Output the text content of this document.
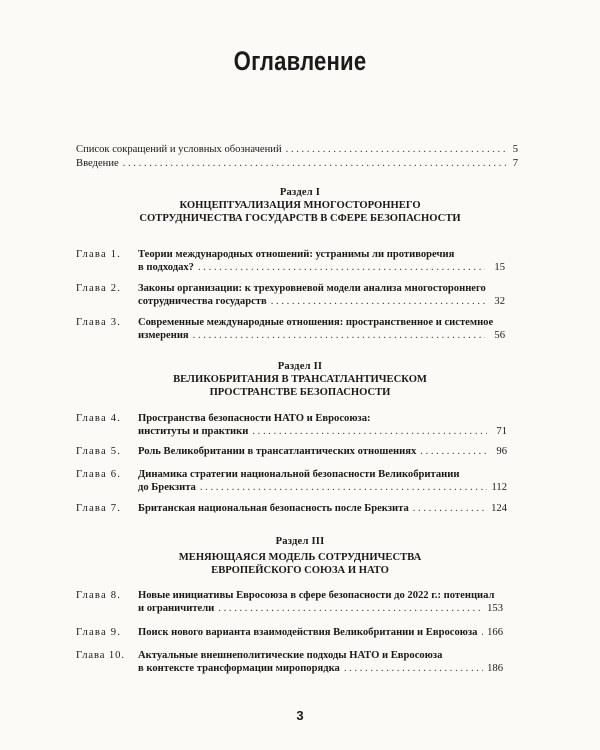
Оглавление
Список сокращений и условных обозначений . . .	5
Введение . . .	7
Раздел I
КОНЦЕПТУАЛИЗАЦИЯ МНОГОСТОРОННЕГО
СОТРУДНИЧЕСТВА ГОСУДАРСТВ В СФЕРЕ БЕЗОПАСНОСТИ
Глава 1.	Теории международных отношений: устранимы ли противоречия
в подходах? . . .	15
Глава 2.	Законы организации: к трехуровневой модели анализа многостороннего
сотрудничества государств . . .	32
Глава 3.	Современные международные отношения: пространственное и системное
измерения . . .	56
Раздел II
ВЕЛИКОБРИТАНИЯ В ТРАНСАТЛАНТИЧЕСКОМ
ПРОСТРАНСТВЕ БЕЗОПАСНОСТИ
Глава 4.	Пространства безопасности НАТО и Евросоюза:
институты и практики . . .	71
Глава 5.	Роль Великобритании в трансатлантических отношениях . . .	96
Глава 6.	Динамика стратегии национальной безопасности Великобритании
до Брекзита . . .	112
Глава 7.	Британская национальная безопасность после Брекзита . . .	124
Раздел III
МЕНЯЮЩАЯСЯ МОДЕЛЬ СОТРУДНИЧЕСТВА
ЕВРОПЕЙСКОГО СОЮЗА И НАТО
Глава 8.	Новые инициативы Евросоюза в сфере безопасности до 2022 г.: потенциал
и ограничители . . .	153
Глава 9.	Поиск нового варианта взаимодействия Великобритании и Евросоюза . . . 166
Глава 10.	Актуальные внешнеполитические подходы НАТО и Евросоюза
в контексте трансформации миропорядка . . .	186
3
